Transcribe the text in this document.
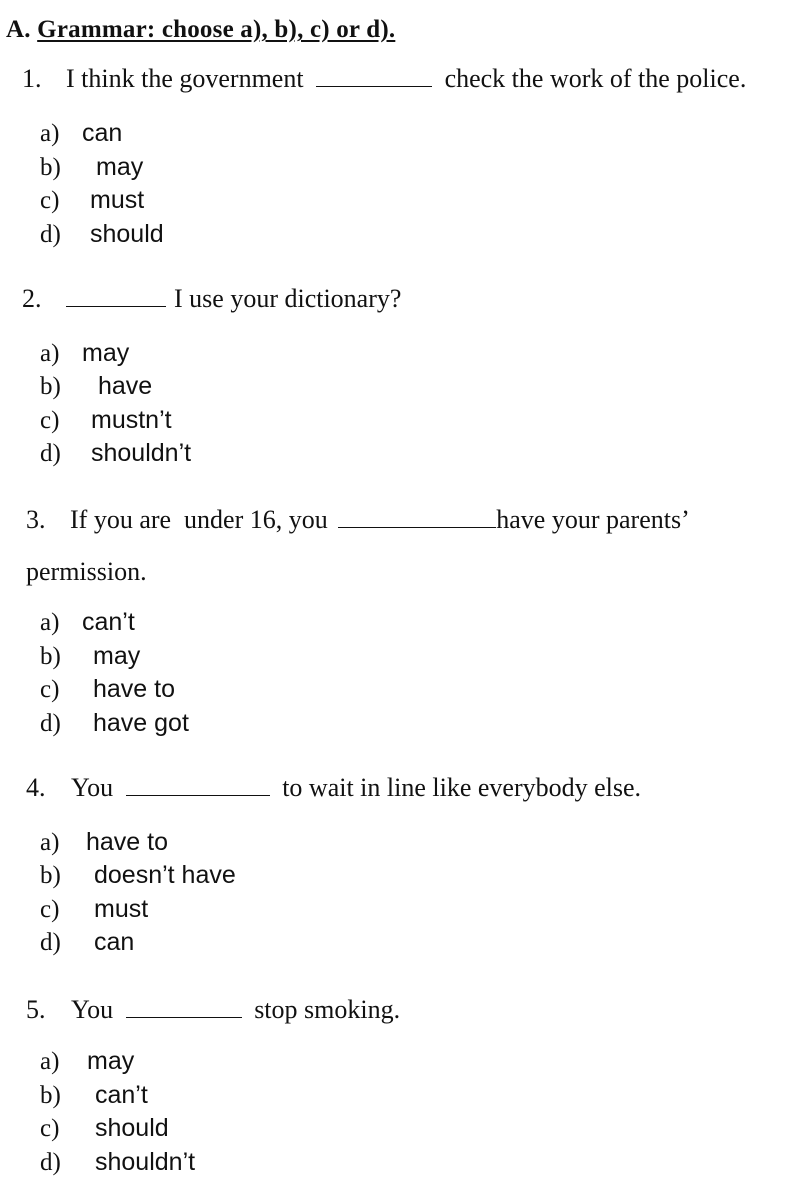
A. Grammar: choose a), b), c) or d).
1. I think the government	check the work of the police.
a) can
b) may
c) must
d) should
2.	I use your dictionary?
a) may
b) have
c) mustn’t
d) shouldn’t
3. If you are  under 16, you	have your parents’
permission.
a) can’t
b) may
c) have to
d) have got
4. You	to wait in line like everybody else.
a) have to
b) doesn’t have
c) must
d) can
5. You	stop smoking.
a) may
b) can’t
c) should
d) shouldn’t
